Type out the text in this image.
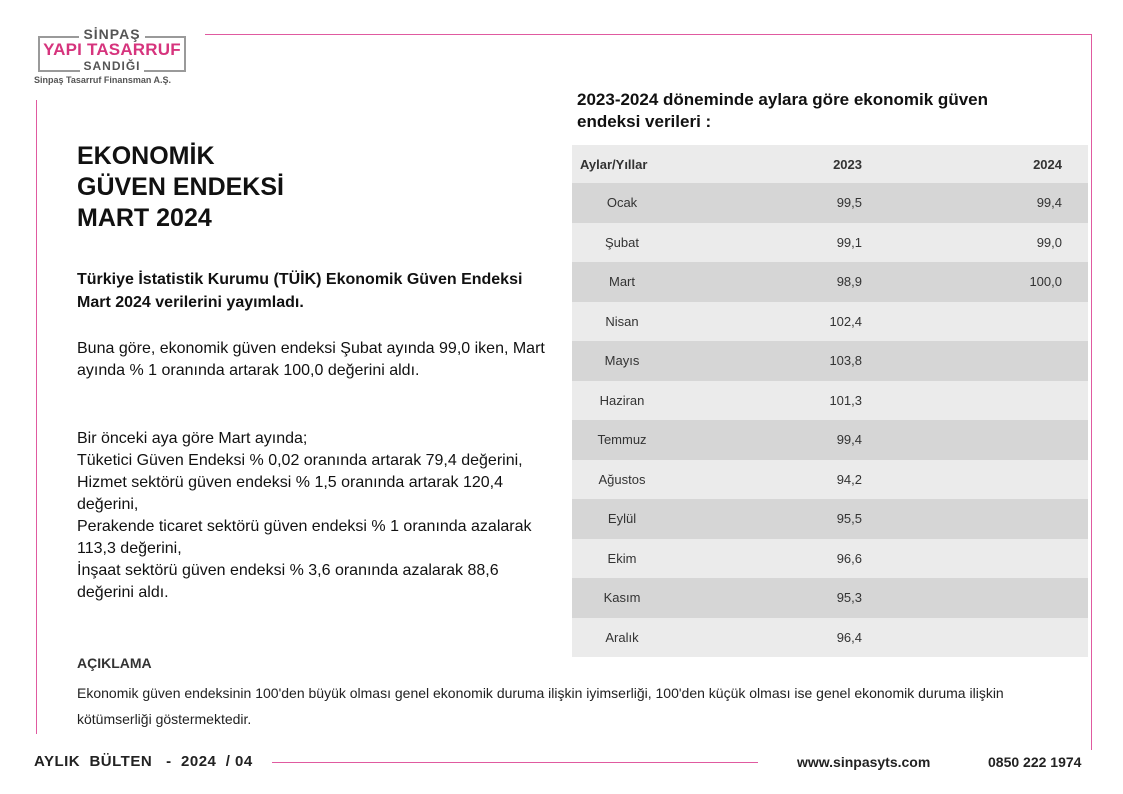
SİNPAŞ
YAPI TASARRUF
SANDIĞI
Sinpaş Tasarruf Finansman A.Ş.
EKONOMİK
GÜVEN ENDEKSİ
MART 2024
Türkiye İstatistik Kurumu (TÜİK) Ekonomik Güven Endeksi Mart 2024 verilerini yayımladı.
Buna göre, ekonomik güven endeksi Şubat ayında 99,0 iken, Mart ayında % 1 oranında artarak 100,0 değerini aldı.
Bir önceki aya göre Mart ayında;
Tüketici Güven Endeksi % 0,02 oranında artarak 79,4 değerini,
Hizmet sektörü güven endeksi % 1,5 oranında artarak 120,4 değerini,
Perakende ticaret sektörü güven endeksi % 1 oranında azalarak 113,3 değerini,
İnşaat sektörü güven endeksi % 3,6 oranında azalarak 88,6 değerini aldı.
AÇIKLAMA
Ekonomik güven endeksinin 100'den büyük olması genel ekonomik duruma ilişkin iyimserliği, 100'den küçük olması ise genel ekonomik duruma ilişkin kötümserliği göstermektedir.
2023-2024 döneminde aylara göre ekonomik güven endeksi verileri :
Aylar/Yıllar	2023	2024
Ocak	99,5	99,4
Şubat	99,1	99,0
Mart	98,9	100,0
Nisan	102,4
Mayıs	103,8
Haziran	101,3
Temmuz	99,4
Ağustos	94,2
Eylül	95,5
Ekim	96,6
Kasım	95,3
Aralık	96,4
AYLIK  BÜLTEN   -  2024  / 04	www.sinpasyts.com	0850 222 1974
